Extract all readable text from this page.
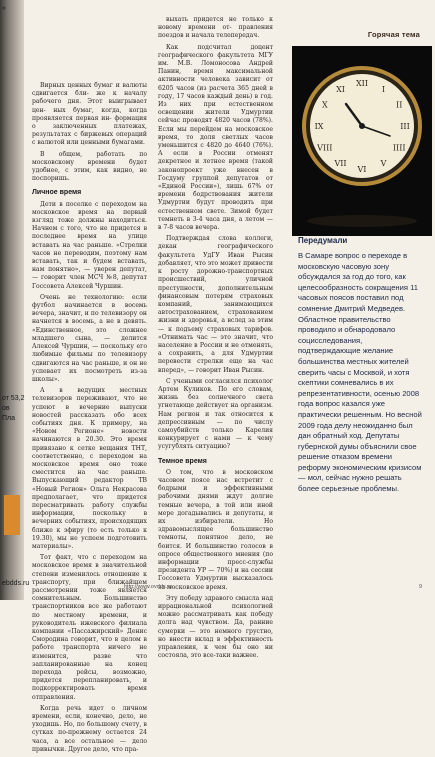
«
от 53,2
ов
Пла
ebdds.ru
Горячая тема

Вирных ценных бумаг и валюты сдвигается бли- же к началу рабочего дня. Этот выигрывает цен- ных бумаг, когда, когда проявляется первая ин- формация о заключенных платежах, результатах с биржевых операций с валютой или ценными бумагами.

В общем, работать по московскому времени будет удобнее, с этим, как видно, не поспоришь.

Личное время

Дети в поселке с переходом на московское время на первый взгляд тоже должны находиться. Начнем с того, что не придется в последнее время на улице вставать на час раньше. «Стрелки часов не переводим, поэтому нам вставать, так и будем вставать, нам понятно», — уверен депутат, — говорит член МСЧ №8, депутат Госсовета Алексей Чуршин.

Очень не технологию: если футбол начинается в восемь вечера, значит, и по телевизору он начнется в восемь, а не в девять. «Единственное, это сложнее младшего сына, — делится Алексей Чуршин, — поскольку его любимые фильмы по телевизору сдвигаются на час раньше, и он не успевает их посмотреть из-за школы».

А в ведущих местных телевизоров переживают, что не успеют в вечерние выпуски новостей рассказать обо всех событиях дня. К примеру, на «Новом Регионе» новости начинаются в 20.30. Это время привязано к сетке вещания ТНТ, соответственно, с переходом на московское время оно тоже сместится на час раньше. Выпускающий редактор ТВ «Новый Регион» Ольга Некрасова предполагает, что придется пересматривать работу службы информации, поскольку в вечерних событиях, происходящих ближе к эфиру (то есть только к 19.30), мы не успеем подготовить материалы».

Тот факт, что с переходом на московское время в значительной степени изменилось отношение к транспорту, при ближайшем рассмотрении тоже является сомнительным. Большинство транспортников все же работают по местному времени, и руководитель ижевского филиала компании «Пассажирский» Денис Смородина говорит, что в целом в работе транспорта ничего не изменится, разве что запланированные на конец перехода рейсы, возможно, придется перепланировать, и подкорректировать время отправления.

Когда речь идет о личном времени, если, конечно, дело, не уходишь. Но, по большому счету, в сутках по-прежнему остается 24 часа, а все остальное — дело привычки. Другое дело, что пра-

выхать придется не только к новому времени от- правления поездов и начала телепередач.

Как подсчитал доцент географического факультета МГУ им. М.В. Ломоносова Андрей Панин, время максимальной активности человека зависит от 6205 часов (из расчета 365 дней в году, 17 часов каждый день) в год. Из них при естественном освещении жители Удмуртии сейчас проводят 4820 часов (78%). Если мы перейдем на московское время, то доля светлых часов уменьшится с 4820 до 4640 (76%). А если в России отменят декретное и летнее время (такой законопроект уже внесен в Госдуму группой депутатов от «Единой России»), лишь 67% от времени бодрствования жители Удмуртии будут проводить при естественном свете. Зимой будет темнеть в 3-4 часа дня, а летом — в 7-8 часов вечера.

Подтверждая слова коллеги, декан географического факультета УдГУ Иван Рысин добавляет, что это может привести к росту дорожно-транспортных происшествий, уличной преступности, дополнительным финансовым потерям страховых компаний, занимающихся автострахованием, страхованием жизни и здоровья, а вслед за этим — к подъему страховых тарифов. «Отнимать час — это значит, что население в России и не отменять, а сохранить, а для Удмуртии перевести стрелки еще на час вперед», — говорит Иван Рысин.

С учеными согласился психолог Артем Куликов. По его словам, жизнь без солнечного света угнетающе действует на организм. Нам регион и так относится к депрессивным — по числу самоубийств только Карелия конкурирует с нами — к чему усугублять ситуацию?

Темное время

О том, что в московском часовом поясе нас встретит с бодрыми и эффективными рабочими днями ждут долгие темные вечера, в той или иной мере догадывались и депутаты, и их избиратели. Но здравомыслящее большинство темноты, понятное дело, не боится. И большинство голосов в опросе общественного мнения (по информации пресс-службы президента УР — 70%) и на сессии Госсовета Удмуртии высказалось за московское время.

Эту победу здравого смысла над иррациональной психологией можно рассматривать как победу долга над чувством. Да, ранние сумерки — это немного грустно, но внести вклад в эффективность управления, к чем бы оно ни состояла, это все-таки важнее.

XII
I
II
III
IIII
V
VI
VII
VIII
IX
X
XI
Передумали

В Самаре вопрос о переходе в московскую часовую зону обсуждался за год до того, как целесообразность сокращения 11 часовых поясов поставил под сомнение Дмитрий Медведев. Областное правительство проводило и обнародовало социсследования, подтверждающие желание большинства местных жителей сверить часы с Москвой, и хотя скептики сомневались в их репрезентативности, осенью 2008 года вопрос казался уже практически решенным. Но весной 2009 года делу неожиданно был дан обратный ход. Депутаты губернской думы объяснили свое решение отказом времени реформу экономическим кризисом — мол, сейчас нужно решать более серьезные проблемы.

http://www.ovdds.ru	9
